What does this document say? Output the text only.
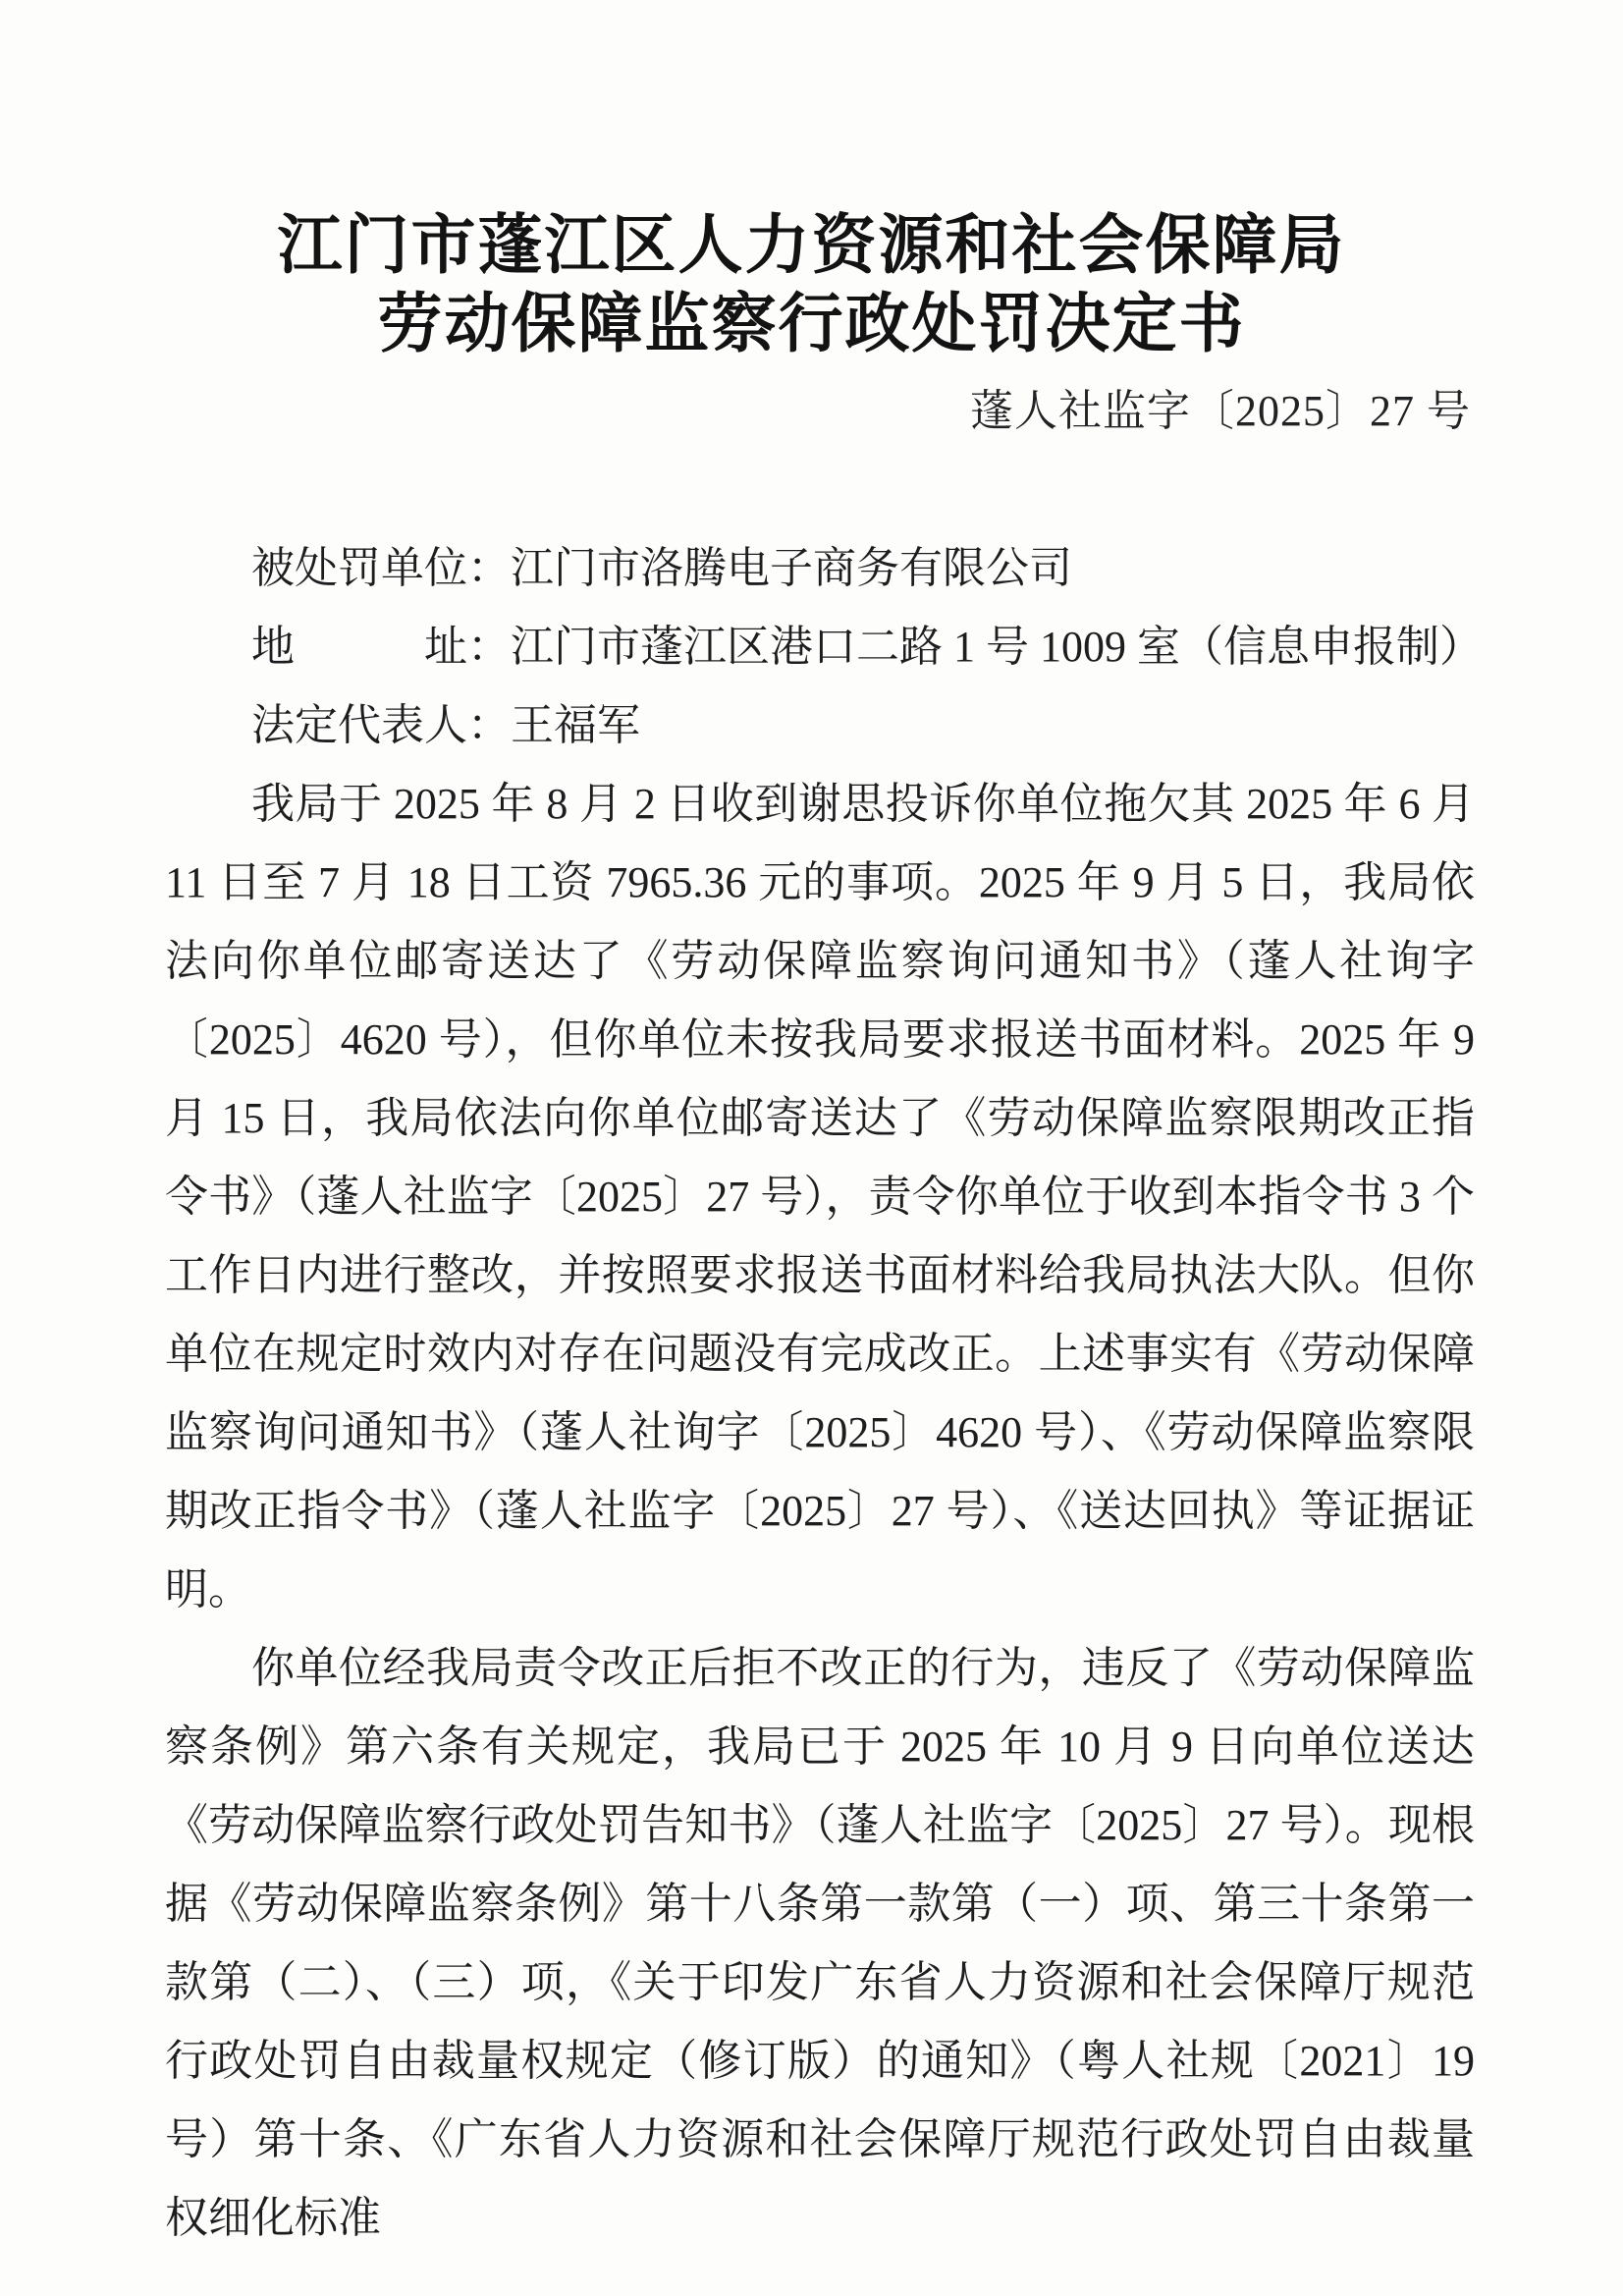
江门市蓬江区人力资源和社会保障局
劳动保障监察行政处罚决定书
蓬人社监字〔2025〕27 号
被处罚单位：江门市洛腾电子商务有限公司
地　　　址：江门市蓬江区港口二路 1 号 1009 室（信息申报制）
法定代表人：王福军

我局于 2025 年 8 月 2 日收到谢思投诉你单位拖欠其 2025 年 6 月 11 日至 7 月 18 日工资 7965.36 元的事项。2025 年 9 月 5 日，我局依法向你单位邮寄送达了《劳动保障监察询问通知书》（蓬人社询字〔2025〕4620 号），但你单位未按我局要求报送书面材料。2025 年 9 月 15 日，我局依法向你单位邮寄送达了《劳动保障监察限期改正指令书》（蓬人社监字〔2025〕27 号），责令你单位于收到本指令书 3 个工作日内进行整改，并按照要求报送书面材料给我局执法大队。但你单位在规定时效内对存在问题没有完成改正。上述事实有《劳动保障监察询问通知书》（蓬人社询字〔2025〕4620 号）、《劳动保障监察限期改正指令书》（蓬人社监字〔2025〕27 号）、《送达回执》等证据证明。

你单位经我局责令改正后拒不改正的行为，违反了《劳动保障监察条例》第六条有关规定，我局已于 2025 年 10 月 9 日向单位送达《劳动保障监察行政处罚告知书》（蓬人社监字〔2025〕27 号）。现根据《劳动保障监察条例》第十八条第一款第（一）项、第三十条第一款第（二）、（三）项，《关于印发广东省人力资源和社会保障厅规范行政处罚自由裁量权规定（修订版）的通知》（粤人社规〔2021〕19 号）第十条、《广东省人力资源和社会保障厅规范行政处罚自由裁量权细化标准
